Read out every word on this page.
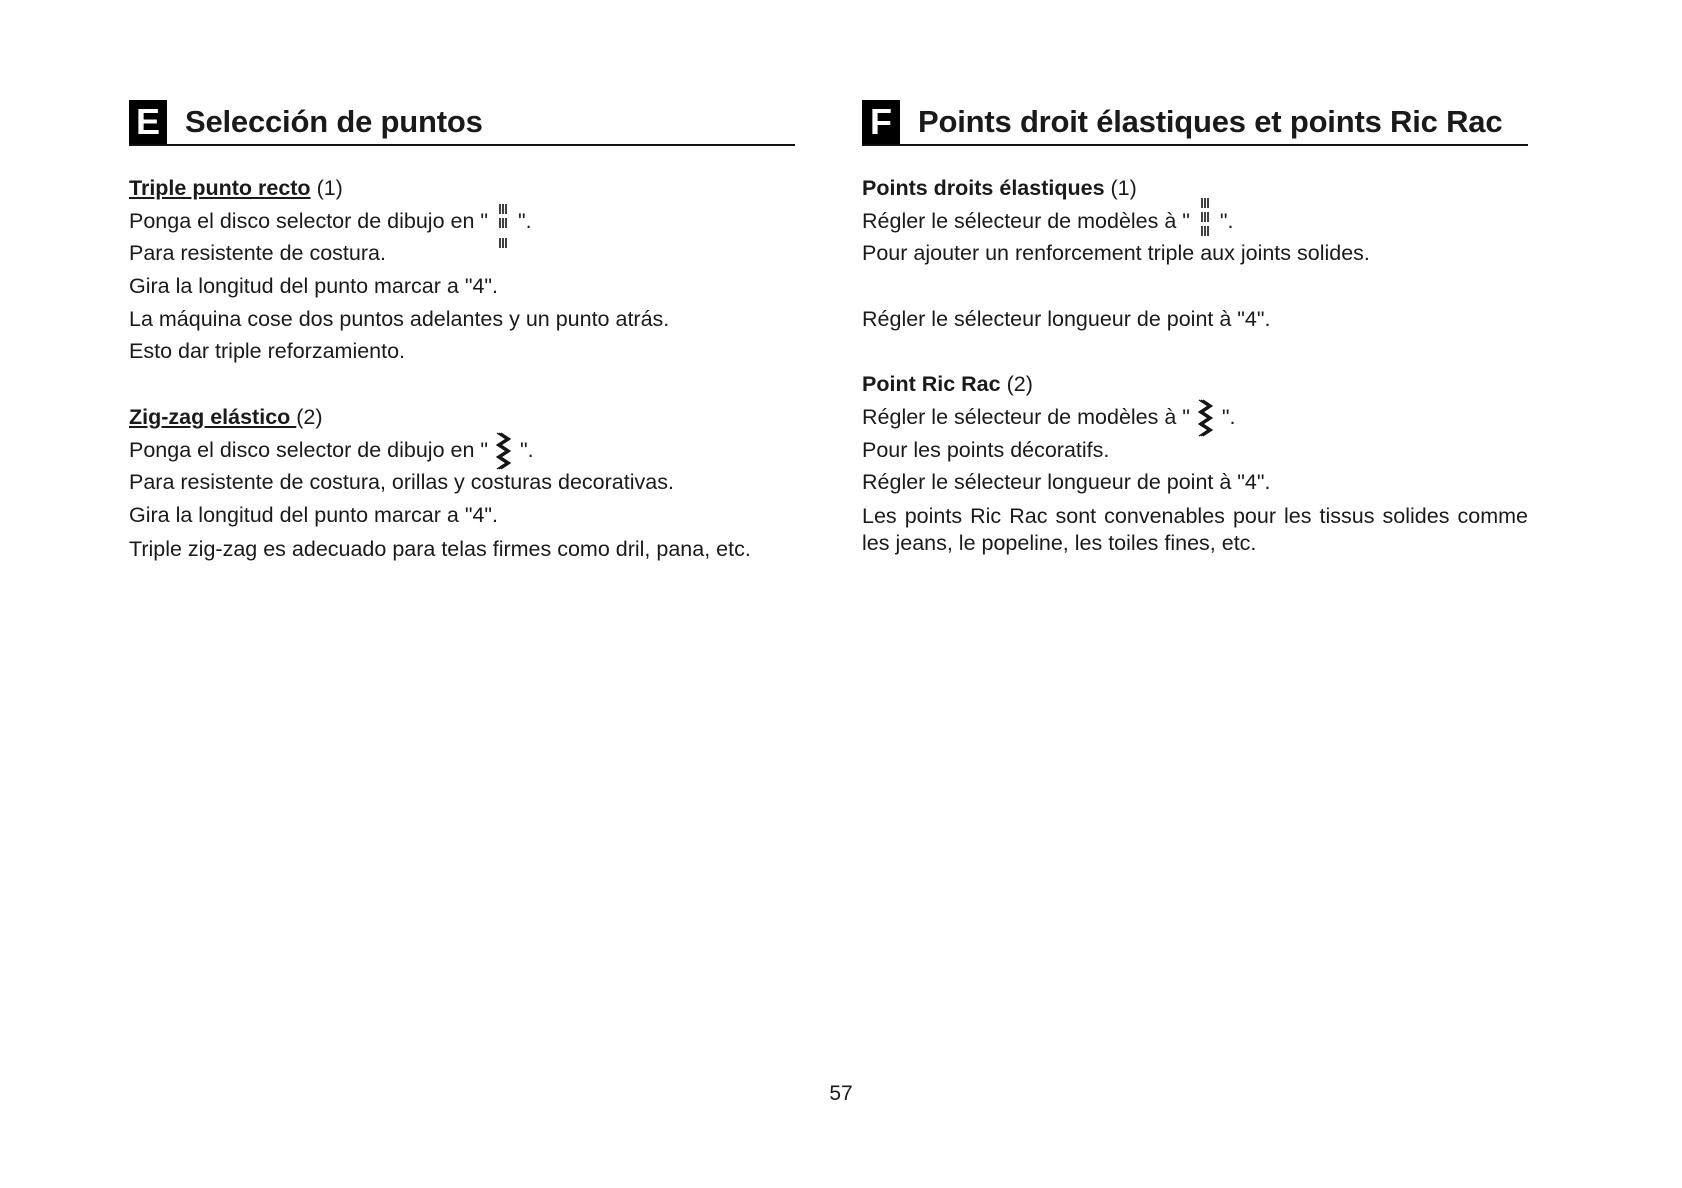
E Selección de puntos
Triple punto recto (1)
Ponga el disco selector de dibujo en " ".
Para resistente de costura.
Gira la longitud del punto marcar a "4".
La máquina cose dos puntos adelantes y un punto atrás.
Esto dar triple reforzamiento.
Zig-zag elástico (2)
Ponga el disco selector de dibujo en " ".
Para resistente de costura, orillas y costuras decorativas.
Gira la longitud del punto marcar a "4".
Triple zig-zag es adecuado para telas firmes como dril, pana, etc.
F Points droit élastiques et points Ric Rac
Points droits élastiques (1)
Régler le sélecteur de modèles à " ".
Pour ajouter un renforcement triple aux joints solides.
Régler le sélecteur longueur de point à "4".
Point Ric Rac (2)
Régler le sélecteur de modèles à " ".
Pour les points décoratifs.
Régler le sélecteur longueur de point à "4".
Les points Ric Rac sont convenables pour les tissus solides comme les jeans, le popeline, les toiles fines, etc.
57
